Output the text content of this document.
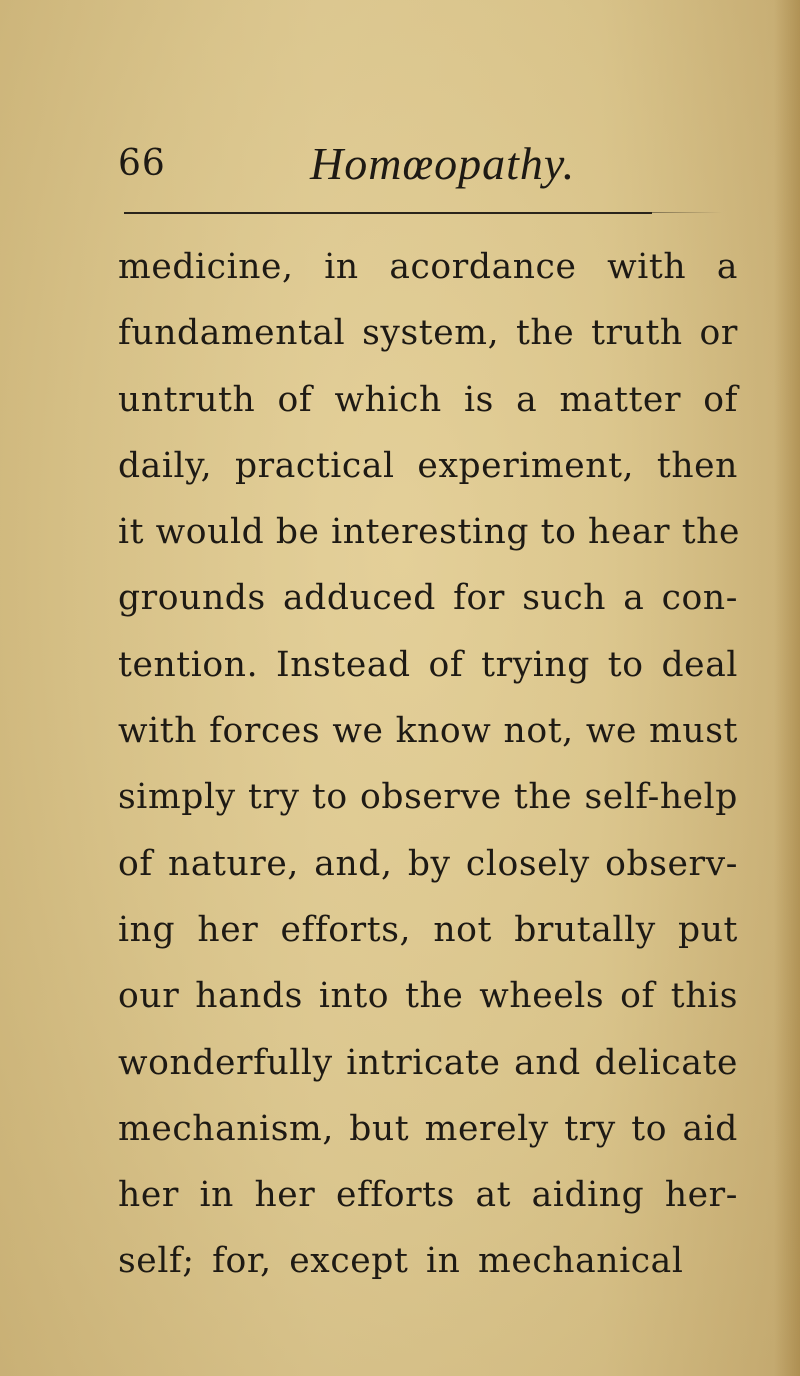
66	Homœopathy.
medicine, in acordance with a
fundamental system, the truth or
untruth of which is a matter of
daily, practical experiment, then
it would be interesting to hear the
grounds adduced for such a con-
tention. Instead of trying to deal
with forces we know not, we must
simply try to observe the self-help
of nature, and, by closely observ-
ing her efforts, not brutally put
our hands into the wheels of this
wonderfully intricate and delicate
mechanism, but merely try to aid
her in her efforts at aiding her-
self; for, except in mechanical
